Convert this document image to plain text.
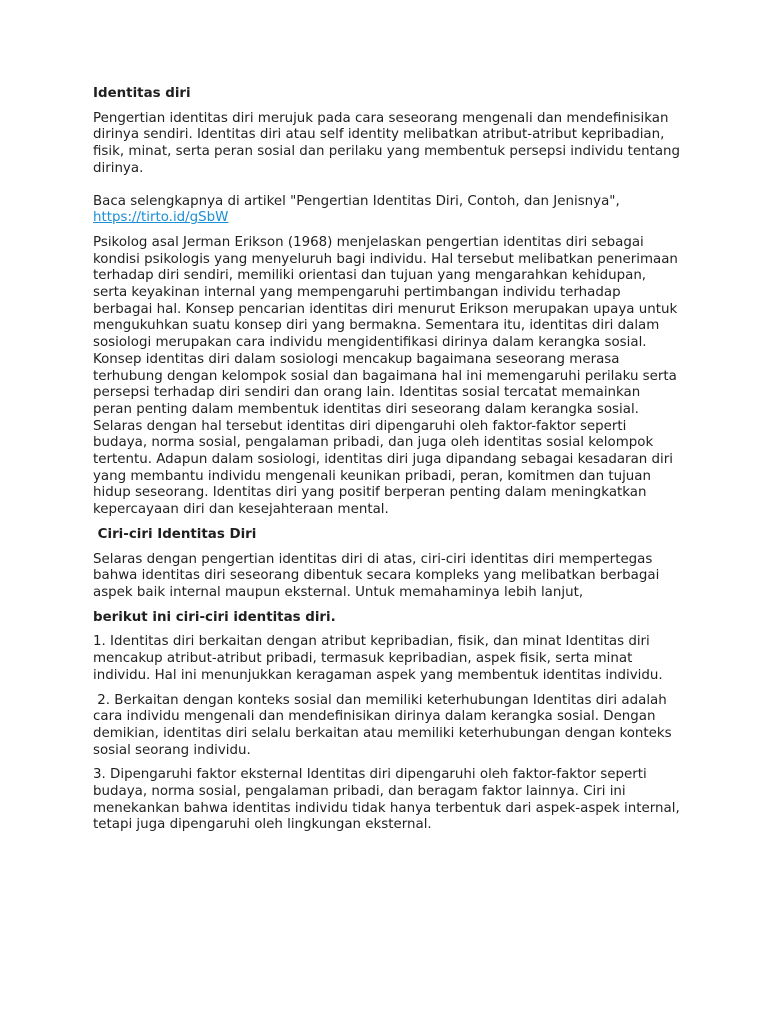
Identitas diri

Pengertian identitas diri merujuk pada cara seseorang mengenali dan mendefinisikan dirinya sendiri. Identitas diri atau self identity melibatkan atribut-atribut kepribadian, fisik, minat, serta peran sosial dan perilaku yang membentuk persepsi individu tentang dirinya.

Baca selengkapnya di artikel "Pengertian Identitas Diri, Contoh, dan Jenisnya", https://tirto.id/gSbW

Psikolog asal Jerman Erikson (1968) menjelaskan pengertian identitas diri sebagai kondisi psikologis yang menyeluruh bagi individu. Hal tersebut melibatkan penerimaan terhadap diri sendiri, memiliki orientasi dan tujuan yang mengarahkan kehidupan, serta keyakinan internal yang mempengaruhi pertimbangan individu terhadap berbagai hal. Konsep pencarian identitas diri menurut Erikson merupakan upaya untuk mengukuhkan suatu konsep diri yang bermakna. Sementara itu, identitas diri dalam sosiologi merupakan cara individu mengidentifikasi dirinya dalam kerangka sosial. Konsep identitas diri dalam sosiologi mencakup bagaimana seseorang merasa terhubung dengan kelompok sosial dan bagaimana hal ini memengaruhi perilaku serta persepsi terhadap diri sendiri dan orang lain. Identitas sosial tercatat memainkan peran penting dalam membentuk identitas diri seseorang dalam kerangka sosial. Selaras dengan hal tersebut identitas diri dipengaruhi oleh faktor-faktor seperti budaya, norma sosial, pengalaman pribadi, dan juga oleh identitas sosial kelompok tertentu. Adapun dalam sosiologi, identitas diri juga dipandang sebagai kesadaran diri yang membantu individu mengenali keunikan pribadi, peran, komitmen dan tujuan hidup seseorang. Identitas diri yang positif berperan penting dalam meningkatkan kepercayaan diri dan kesejahteraan mental.

Ciri-ciri Identitas Diri

Selaras dengan pengertian identitas diri di atas, ciri-ciri identitas diri mempertegas bahwa identitas diri seseorang dibentuk secara kompleks yang melibatkan berbagai aspek baik internal maupun eksternal. Untuk memahaminya lebih lanjut,

berikut ini ciri-ciri identitas diri.

1. Identitas diri berkaitan dengan atribut kepribadian, fisik, dan minat Identitas diri mencakup atribut-atribut pribadi, termasuk kepribadian, aspek fisik, serta minat individu. Hal ini menunjukkan keragaman aspek yang membentuk identitas individu.

2. Berkaitan dengan konteks sosial dan memiliki keterhubungan Identitas diri adalah cara individu mengenali dan mendefinisikan dirinya dalam kerangka sosial. Dengan demikian, identitas diri selalu berkaitan atau memiliki keterhubungan dengan konteks sosial seorang individu.

3. Dipengaruhi faktor eksternal Identitas diri dipengaruhi oleh faktor-faktor seperti budaya, norma sosial, pengalaman pribadi, dan beragam faktor lainnya. Ciri ini menekankan bahwa identitas individu tidak hanya terbentuk dari aspek-aspek internal, tetapi juga dipengaruhi oleh lingkungan eksternal.
